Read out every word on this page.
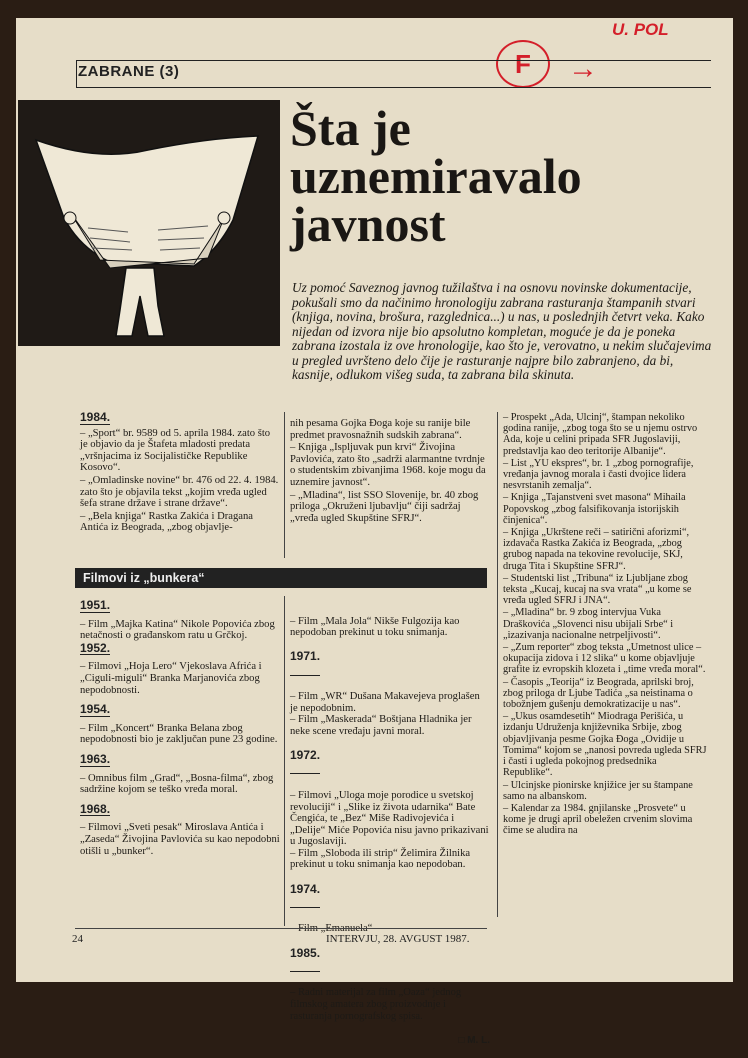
U. POL
F	→
ZABRANE (3)
Šta je
uznemiravalo
javnost
Uz pomoć Saveznog javnog tužilaštva i na osnovu novinske dokumentacije, pokušali smo da načinimo hronologiju zabrana rasturanja štampanih stvari (knjiga, novina, brošura, razglednica...) u nas, u poslednjih četvrt veka. Kako nijedan od izvora nije bio apsolutno kompletan, moguće je da je poneka zabrana izostala iz ove hronologije, kao što je, verovatno, u nekim slučajevima u pregled uvršteno delo čije je rasturanje najpre bilo zabranjeno, da bi, kasnije, odlukom višeg suda, ta zabrana bila skinuta.
1984.

– „Sport“ br. 9589 od 5. aprila 1984. zato što je objavio da je Štafeta mladosti predata „vršnjacima iz Socijalističke Republike Kosovo“.

– „Omladinske novine“ br. 476 od 22. 4. 1984. zato što je objavila tekst „kojim vređa ugled šefa strane države i strane države“.

– „Bela knjiga“ Rastka Zakića i Dragana Antića iz Beograda, „zbog objavlje-

nih pesama Gojka Đoga koje su ranije bile predmet pravosnažnih sudskih zabrana“.

– Knjiga „Ispljuvak pun krvi“ Živojina Pavlovića, zato što „sadrži alarmantne tvrdnje o studentskim zbivanjima 1968. koje mogu da uznemire javnost“.

– „Mladina“, list SSO Slovenije, br. 40 zbog priloga „Okruženi ljubavlju“ čiji sadržaj „vređa ugled Skupštine SFRJ“.

– Prospekt „Ada, Ulcinj“, štampan nekoliko godina ranije, „zbog toga što se u njemu ostrvo Ada, koje u celini pripada SFR Jugoslaviji, predstavlja kao deo teritorije Albanije“.

– List „YU ekspres“, br. 1 „zbog pornografije, vređanja javnog morala i časti dvojice lidera nesvrstanih zemalja“.

– Knjiga „Tajanstveni svet masona“ Mihaila Popovskog „zbog falsifikovanja istorijskih činjenica“.

– Knjiga „Ukrštene reči – satirični aforizmi“, izdavača Rastka Zakića iz Beograda, „zbog grubog napada na tekovine revolucije, SKJ, druga Tita i Skupštine SFRJ“.

– Studentski list „Tribuna“ iz Ljubljane zbog teksta „Kucaj, kucaj na sva vrata“ „u kome se vređa ugled SFRJ i JNA“.

– „Mladina“ br. 9 zbog intervjua Vuka Draškovića „Slovenci nisu ubijali Srbe“ i „izazivanja nacionalne netrpeljivosti“.

– „Zum reporter“ zbog teksta „Umetnost ulice – okupacija zidova i 12 slika“ u kome objavljuje grafite iz evropskih klozeta i „time vređa moral“.

– Časopis „Teorija“ iz Beograda, aprilski broj, zbog priloga dr Ljube Tadića „sa neistinama o tobožnjem gušenju demokratizacije u nas“.

– „Ukus osamdesetih“ Miodraga Perišića, u izdanju Udruženja književnika Srbije, zbog objavljivanja pesme Gojka Đoga „Ovidije u Tomima“ kojom se „nanosi povreda ugleda SFRJ i časti i ugleda pokojnog predsednika Republike“.

– Ulcinjske pionirske knjižice jer su štampane samo na albanskom.

– Kalendar za 1984. gnjilanske „Prosvete“ u kome je drugi april obeležen crvenim slovima čime se aludira na

Filmovi iz „bunkera“
1951.

– Film „Majka Katina“ Nikole Popovića zbog netačnosti o građanskom ratu u Grčkoj.

1952.

– Filmovi „Hoja Lero“ Vjekoslava Afrića i „Ciguli-miguli“ Branka Marjanovića zbog nepodobnosti.

1954.

– Film „Koncert“ Branka Belana zbog nepodobnosti bio je zaključan pune 23 godine.

1963.

– Omnibus film „Grad“, „Bosna-filma“, zbog sadržine kojom se teško vređa moral.

1968.

– Filmovi „Sveti pesak“ Miroslava Antića i „Zaseda“ Živojina Pavlovića su kao nepodobni otišli u „bunker“.

– Film „Mala Jola“ Nikše Fulgozija kao nepodoban prekinut u toku snimanja.

1971.

– Film „WR“ Dušana Makavejeva proglašen je nepodobnim.
– Film „Maskerada“ Boštjana Hladnika jer neke scene vređaju javni moral.

1972.

– Filmovi „Uloga moje porodice u svetskoj revoluciji“ i „Slike iz života udarnika“ Bate Čengića, te „Bez“ Miše Radivojevića i „Delije“ Miće Popovića nisu javno prikazivani u Jugoslaviji.
– Film „Sloboda ili strip“ Želimira Žilnika prekinut u toku snimanja kao nepodoban.

1974.

1985.

– Radni materijal za film „Oaza“ jednog filmskog amatera zbog proizvodnje i rasturanja pornografskog spisa.

□ M. L.

24	INTERVJU, 28. AVGUST 1987.
